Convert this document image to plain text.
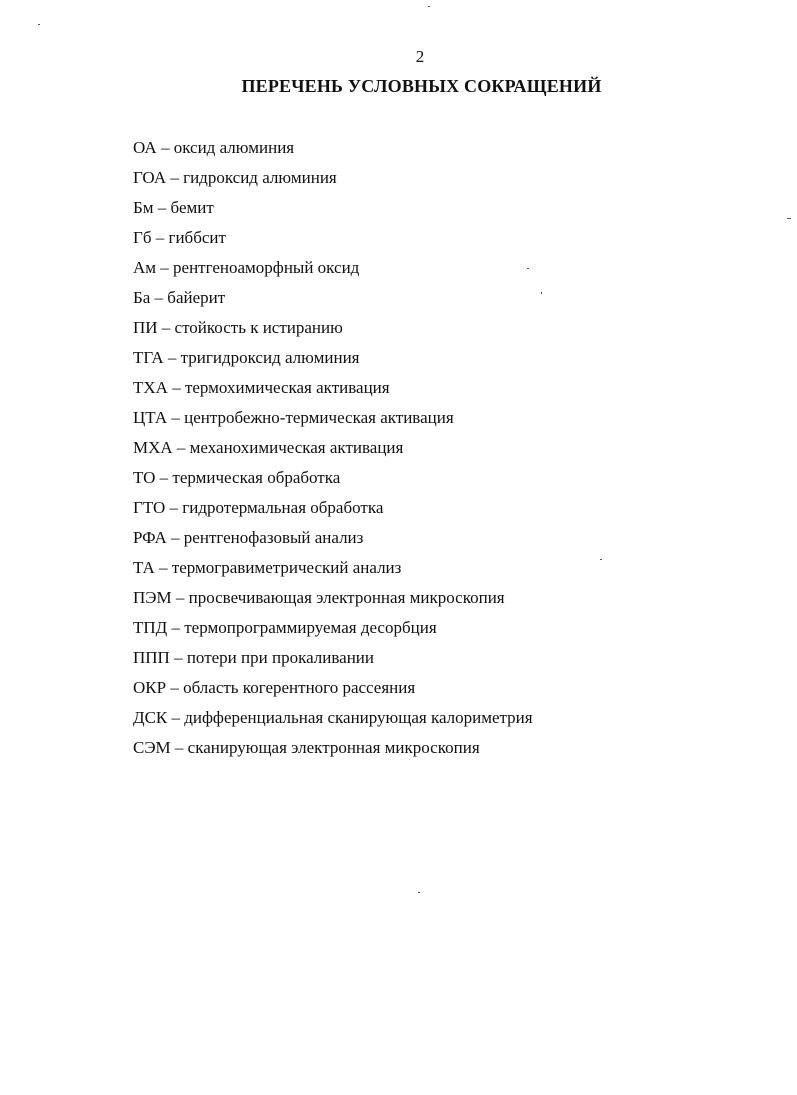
2
ПЕРЕЧЕНЬ УСЛОВНЫХ СОКРАЩЕНИЙ
ОА – оксид алюминия
ГОА – гидроксид алюминия
Бм – бемит
Гб – гиббсит
Ам – рентгеноаморфный оксид
Ба – байерит
ПИ – стойкость к истиранию
ТГА – тригидроксид алюминия
ТХА – термохимическая активация
ЦТА – центробежно-термическая активация
МХА – механохимическая активация
ТО – термическая обработка
ГТО – гидротермальная обработка
РФА – рентгенофазовый анализ
ТА – термогравиметрический анализ
ПЭМ – просвечивающая электронная микроскопия
ТПД – термопрограммируемая десорбция
ППП – потери при прокаливании
ОКР – область когерентного рассеяния
ДСК – дифференциальная сканирующая калориметрия
СЭМ – сканирующая электронная микроскопия
